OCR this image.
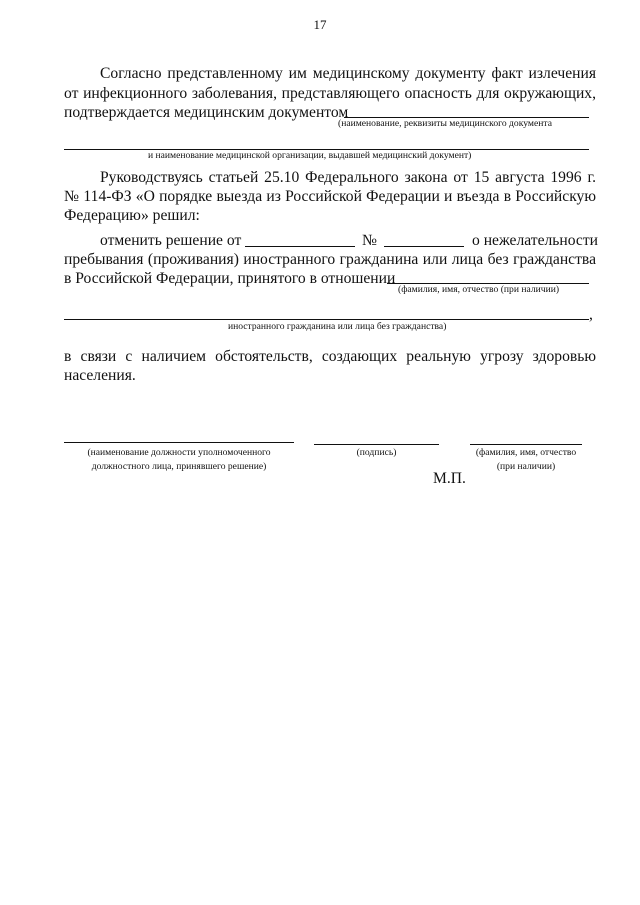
17
Согласно представленному им медицинскому документу факт излечения
от инфекционного заболевания, представляющего опасность для окружающих,
подтверждается медицинским документом
(наименование, реквизиты медицинского документа
и наименование медицинской организации, выдавшей медицинский документ)
Руководствуясь статьей 25.10 Федерального закона от 15 августа 1996 г.
№ 114-ФЗ «О порядке выезда из Российской Федерации и въезда в Российскую
Федерацию» решил:
отменить решение от	№	о нежелательности
пребывания (проживания) иностранного гражданина или лица без гражданства
в Российской Федерации, принятого в отношении
(фамилия, имя, отчество (при наличии)
,
иностранного гражданина или лица без гражданства)
в связи с наличием обстоятельств, создающих реальную угрозу здоровью
населения.
(наименование должности уполномоченного
должностного лица, принявшего решение)
(подпись)	(фамилия, имя, отчество
(при наличии)
М.П.
